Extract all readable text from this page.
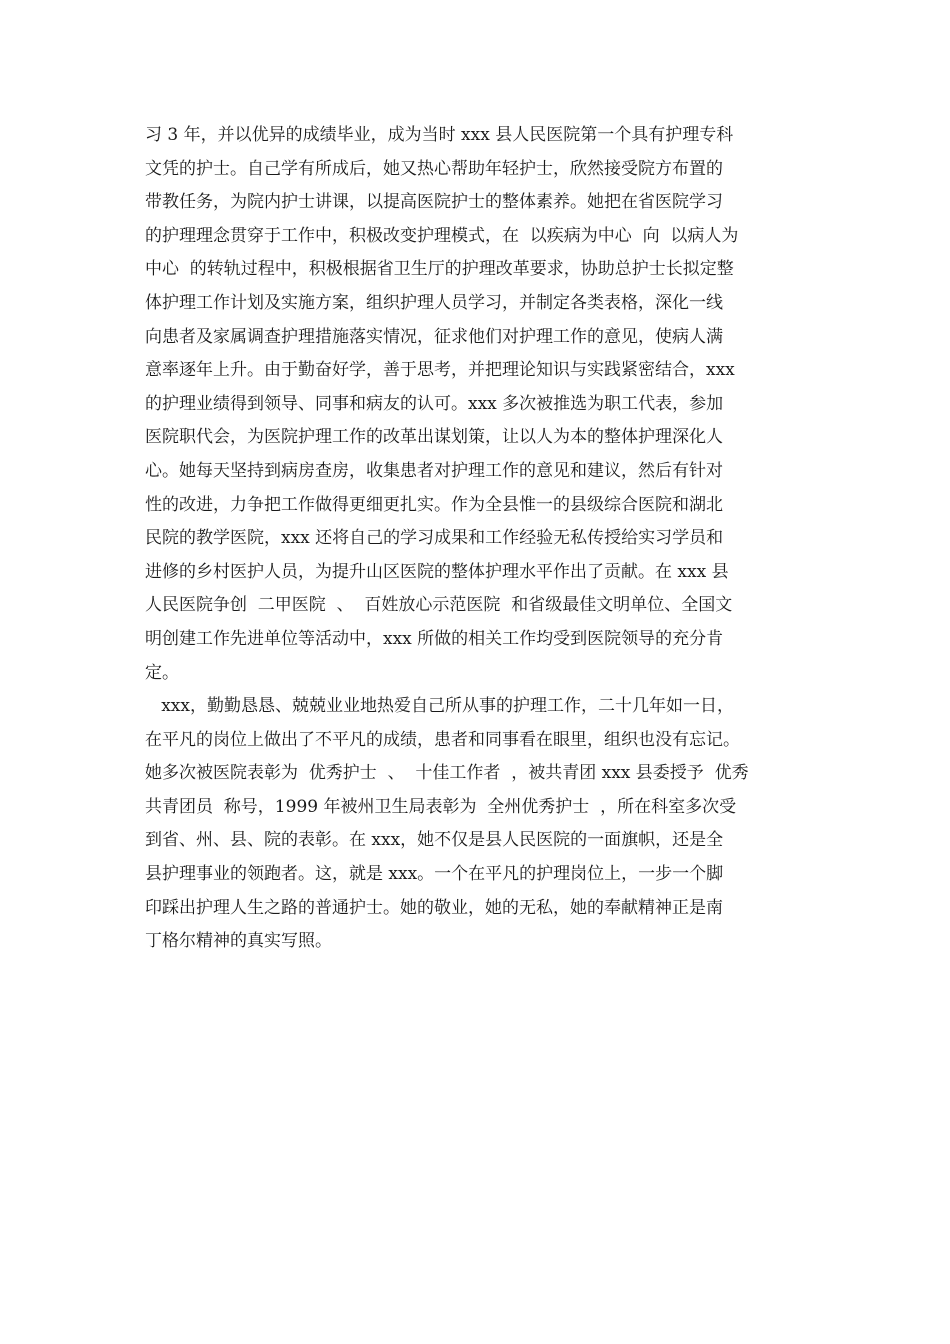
习 3 年，并以优异的成绩毕业，成为当时 xxx 县人民医院第一个具有护理专科
文凭的护士。自己学有所成后，她又热心帮助年轻护士，欣然接受院方布置的
带教任务，为院内护士讲课，以提高医院护士的整体素养。她把在省医院学习
的护理理念贯穿于工作中，积极改变护理模式，在  以疾病为中心  向  以病人为
中心  的转轨过程中，积极根据省卫生厅的护理改革要求，协助总护士长拟定整
体护理工作计划及实施方案，组织护理人员学习，并制定各类表格，深化一线
向患者及家属调查护理措施落实情况，征求他们对护理工作的意见，使病人满
意率逐年上升。由于勤奋好学，善于思考，并把理论知识与实践紧密结合，xxx
的护理业绩得到领导、同事和病友的认可。xxx 多次被推选为职工代表，参加
医院职代会，为医院护理工作的改革出谋划策，让以人为本的整体护理深化人
心。她每天坚持到病房查房，收集患者对护理工作的意见和建议，然后有针对
性的改进，力争把工作做得更细更扎实。作为全县惟一的县级综合医院和湖北
民院的教学医院，xxx 还将自己的学习成果和工作经验无私传授给实习学员和
进修的乡村医护人员，为提升山区医院的整体护理水平作出了贡献。在 xxx 县
人民医院争创  二甲医院  、  百姓放心示范医院  和省级最佳文明单位、全国文
明创建工作先进单位等活动中，xxx 所做的相关工作均受到医院领导的充分肯
定。
xxx，勤勤恳恳、兢兢业业地热爱自己所从事的护理工作，二十几年如一日，
在平凡的岗位上做出了不平凡的成绩，患者和同事看在眼里，组织也没有忘记。
她多次被医院表彰为  优秀护士  、  十佳工作者  ，被共青团 xxx 县委授予  优秀
共青团员  称号，1999 年被州卫生局表彰为  全州优秀护士  ，所在科室多次受
到省、州、县、院的表彰。在 xxx，她不仅是县人民医院的一面旗帜，还是全
县护理事业的领跑者。这，就是 xxx。一个在平凡的护理岗位上，一步一个脚
印踩出护理人生之路的普通护士。她的敬业，她的无私，她的奉献精神正是南
丁格尔精神的真实写照。
